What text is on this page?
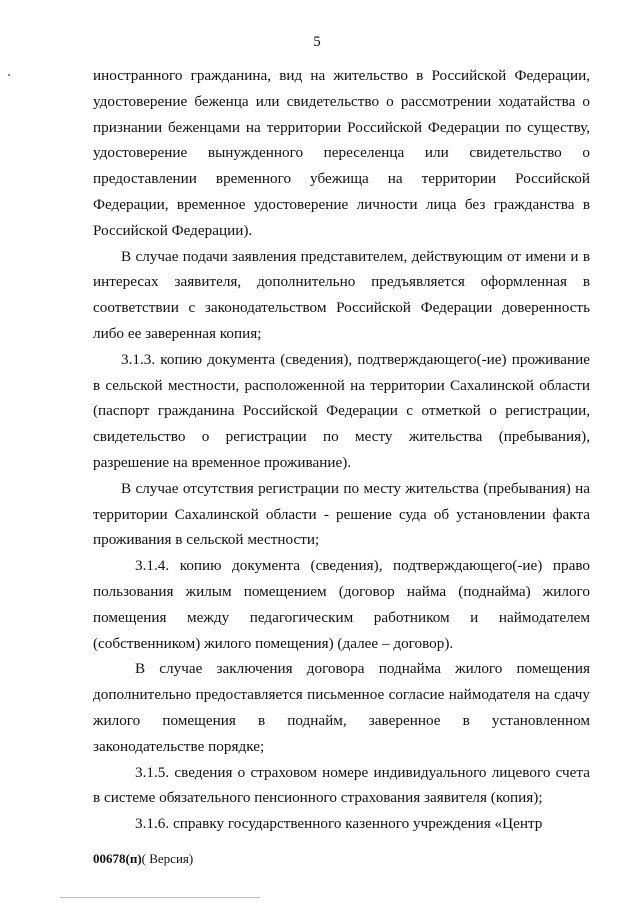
5

иностранного гражданина, вид на жительство в Российской Федерации, удостоверение беженца или свидетельство о рассмотрении ходатайства о признании беженцами на территории Российской Федерации по существу, удостоверение вынужденного переселенца или свидетельство о предоставлении временного убежища на территории Российской Федерации, временное удостоверение личности лица без гражданства в Российской Федерации).

В случае подачи заявления представителем, действующим от имени и в интересах заявителя, дополнительно предъявляется оформленная в соответствии с законодательством Российской Федерации доверенность либо ее заверенная копия;

3.1.3. копию документа (сведения), подтверждающего(-ие) проживание в сельской местности, расположенной на территории Сахалинской области (паспорт гражданина Российской Федерации с отметкой о регистрации, свидетельство о регистрации по месту жительства (пребывания), разрешение на временное проживание).

В случае отсутствия регистрации по месту жительства (пребывания) на территории Сахалинской области - решение суда об установлении факта проживания в сельской местности;

3.1.4. копию документа (сведения), подтверждающего(-ие) право пользования жилым помещением (договор найма (поднайма) жилого помещения между педагогическим работником и наймодателем (собственником) жилого помещения) (далее – договор).

В случае заключения договора поднайма жилого помещения дополнительно предоставляется письменное согласие наймодателя на сдачу жилого помещения в поднайм, заверенное в установленном законодательстве порядке;

3.1.5. сведения о страховом номере индивидуального лицевого счета в системе обязательного пенсионного страхования заявителя (копия);

3.1.6. справку государственного казенного учреждения «Центр

00678(п)( Версия)
